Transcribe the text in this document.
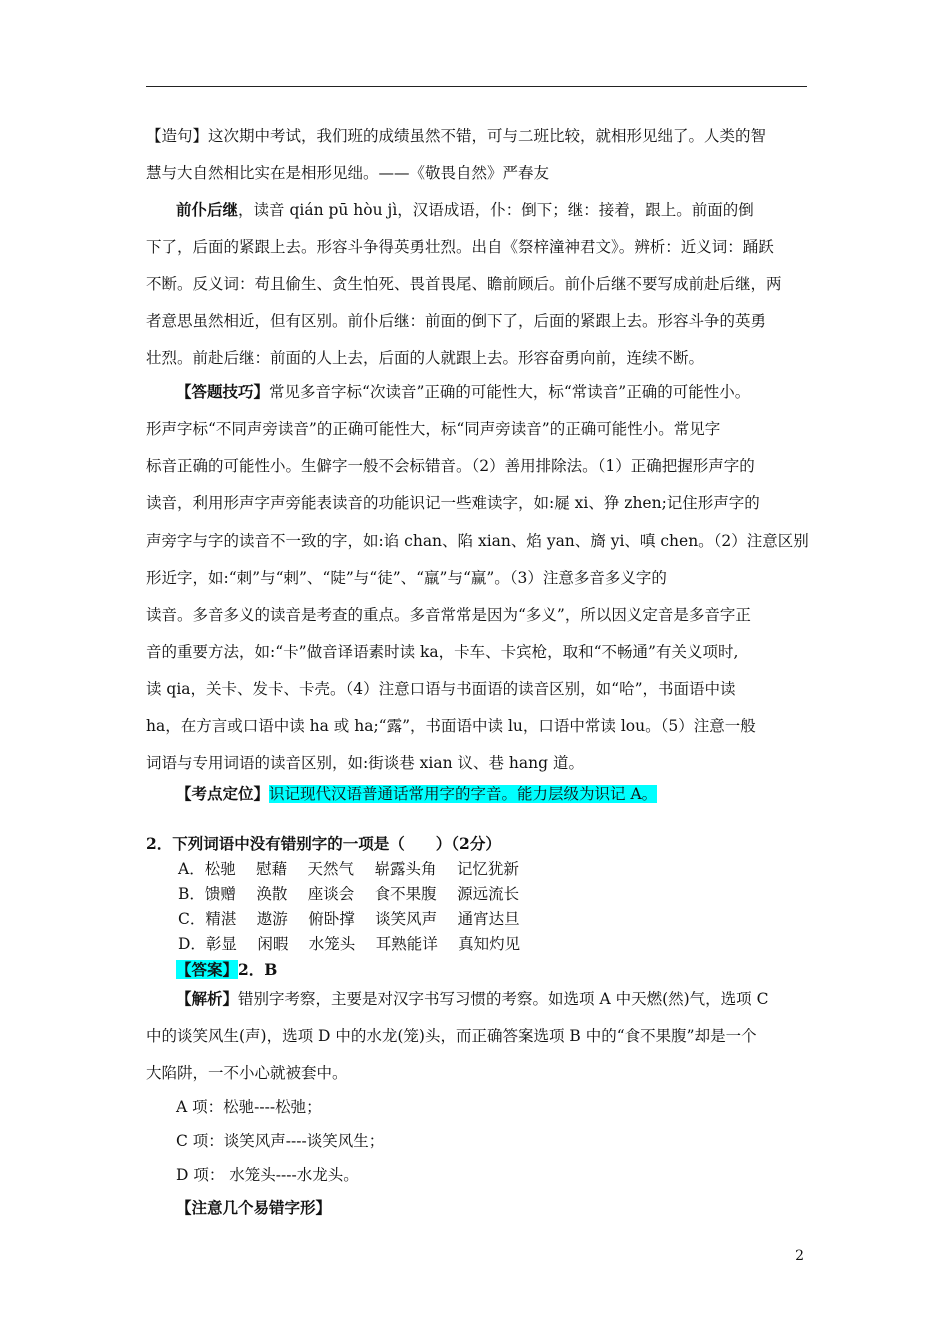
【造句】这次期中考试，我们班的成绩虽然不错，可与二班比较，就相形见绌了。人类的智
慧与大自然相比实在是相形见绌。——《敬畏自然》严春友
前仆后继，读音 qián pū hòu jì，汉语成语，仆：倒下；继：接着，跟上。前面的倒
下了，后面的紧跟上去。形容斗争得英勇壮烈。出自《祭梓潼神君文》。辨析：近义词：踊跃
不断。反义词：苟且偷生、贪生怕死、畏首畏尾、瞻前顾后。前仆后继不要写成前赴后继，两
者意思虽然相近，但有区别。前仆后继：前面的倒下了，后面的紧跟上去。形容斗争的英勇
壮烈。前赴后继：前面的人上去，后面的人就跟上去。形容奋勇向前，连续不断。
【答题技巧】常见多音字标“次读音”正确的可能性大，标“常读音”正确的可能性小。
形声字标“不同声旁读音”的正确可能性大，标“同声旁读音”的正确可能性小。常见字
标音正确的可能性小。生僻字一般不会标错音。（2）善用排除法。（1）正确把握形声字的
读音，利用形声字声旁能表读音的功能识记一些难读字，如:屣 xi、狰 zhen;记住形声字的
声旁字与字的读音不一致的字，如:谄 chan、陷 xian、焰 yan、旖 yi、嗔 chen。（2）注意区别
形近字，如:“刺”与“剌”、“陡”与“徒”、“羸”与“赢”。（3）注意多音多义字的
读音。多音多义的读音是考查的重点。多音常常是因为“多义”，所以因义定音是多音字正
音的重要方法，如:“卡”做音译语素时读 ka，卡车、卡宾枪，取和“不畅通”有关义项时,
读 qia，关卡、发卡、卡壳。（4）注意口语与书面语的读音区别，如“哈”，书面语中读
ha，在方言或口语中读 ha 或 ha;“露”，书面语中读 lu，口语中常读 lou。（5）注意一般
词语与专用词语的读音区别，如:街谈巷 xian 议、巷 hang 道。
【考点定位】识记现代汉语普通话常用字的字音。能力层级为识记 A。
2．下列词语中没有错别字的一项是（　　）（2分）
A．松驰　 慰藉　 天然气　 崭露头角　 记忆犹新
B．馈赠　 涣散　 座谈会　 食不果腹　 源远流长
C．精湛　 遨游　 俯卧撑　 谈笑风声　 通宵达旦
D．彰显　 闲暇　 水笼头　 耳熟能详　 真知灼见
【答案】2．B
【解析】错别字考察，主要是对汉字书写习惯的考察。如选项 A 中天燃(然)气，选项 C
中的谈笑风生(声)，选项 D 中的水龙(笼)头，而正确答案选项 B 中的“食不果腹”却是一个
大陷阱，一不小心就被套中。
A 项：松驰----松弛；
C 项：谈笑风声----谈笑风生；
D 项： 水笼头----水龙头。
【注意几个易错字形】
2
